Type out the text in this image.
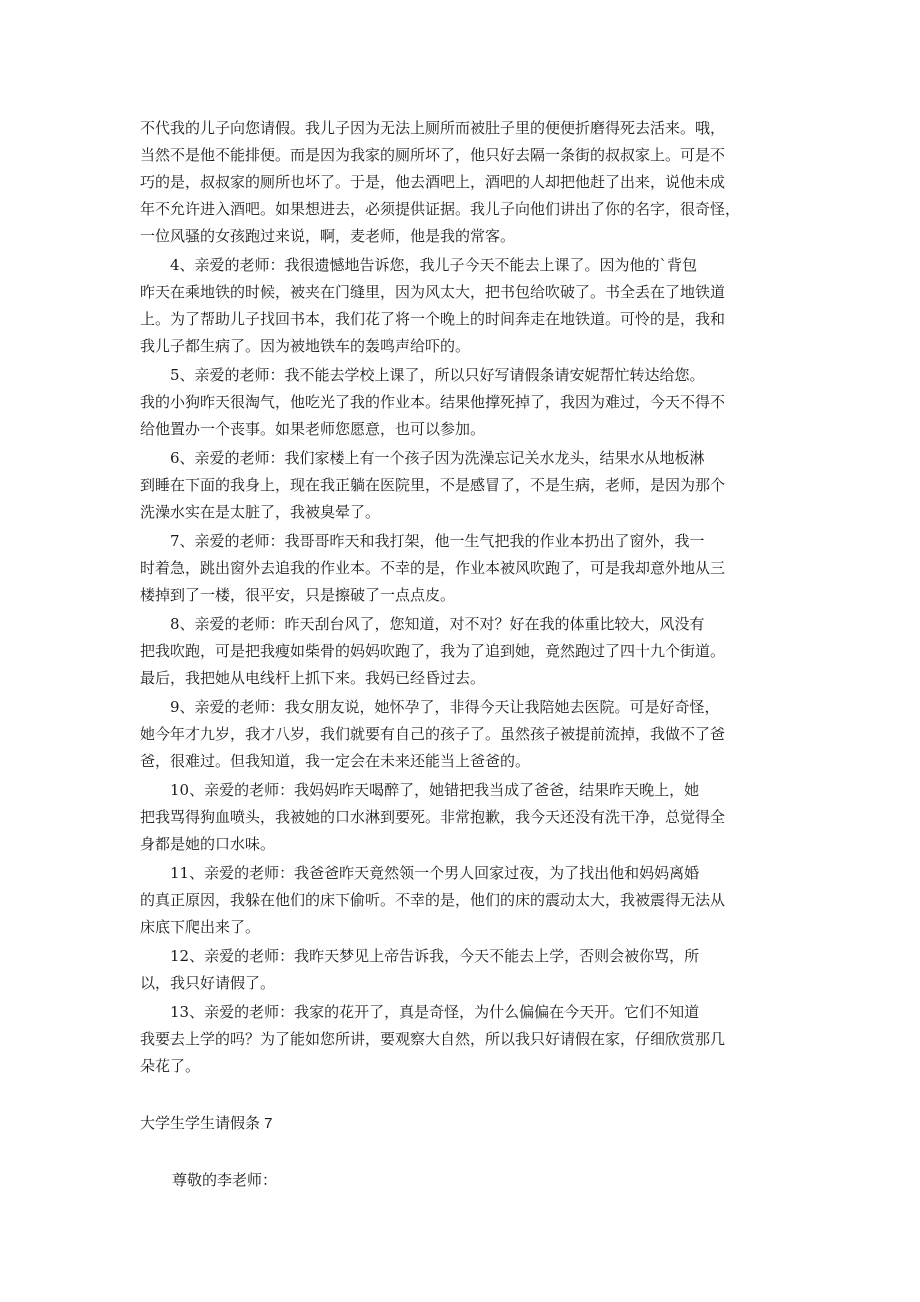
不代我的儿子向您请假。我儿子因为无法上厕所而被肚子里的便便折磨得死去活来。哦，
当然不是他不能排便。而是因为我家的厕所坏了，他只好去隔一条街的叔叔家上。可是不
巧的是，叔叔家的厕所也坏了。于是，他去酒吧上，酒吧的人却把他赶了出来，说他未成
年不允许进入酒吧。如果想进去，必须提供证据。我儿子向他们讲出了你的名字，很奇怪，
一位风骚的女孩跑过来说，啊，麦老师，他是我的常客。
　　4、亲爱的老师：我很遗憾地告诉您，我儿子今天不能去上课了。因为他的`背包
昨天在乘地铁的时候，被夹在门缝里，因为风太大，把书包给吹破了。书全丢在了地铁道
上。为了帮助儿子找回书本，我们花了将一个晚上的时间奔走在地铁道。可怜的是，我和
我儿子都生病了。因为被地铁车的轰鸣声给吓的。
　　5、亲爱的老师：我不能去学校上课了，所以只好写请假条请安妮帮忙转达给您。
我的小狗昨天很淘气，他吃光了我的作业本。结果他撑死掉了，我因为难过，今天不得不
给他置办一个丧事。如果老师您愿意，也可以参加。
　　6、亲爱的老师：我们家楼上有一个孩子因为洗澡忘记关水龙头，结果水从地板淋
到睡在下面的我身上，现在我正躺在医院里，不是感冒了，不是生病，老师，是因为那个
洗澡水实在是太脏了，我被臭晕了。
　　7、亲爱的老师：我哥哥昨天和我打架，他一生气把我的作业本扔出了窗外，我一
时着急，跳出窗外去追我的作业本。不幸的是，作业本被风吹跑了，可是我却意外地从三
楼掉到了一楼，很平安，只是擦破了一点点皮。
　　8、亲爱的老师：昨天刮台风了，您知道，对不对？好在我的体重比较大，风没有
把我吹跑，可是把我瘦如柴骨的妈妈吹跑了，我为了追到她，竟然跑过了四十九个街道。
最后，我把她从电线杆上抓下来。我妈已经昏过去。
　　9、亲爱的老师：我女朋友说，她怀孕了，非得今天让我陪她去医院。可是好奇怪，
她今年才九岁，我才八岁，我们就要有自己的孩子了。虽然孩子被提前流掉，我做不了爸
爸，很难过。但我知道，我一定会在未来还能当上爸爸的。
　　10、亲爱的老师：我妈妈昨天喝醉了，她错把我当成了爸爸，结果昨天晚上，她
把我骂得狗血喷头，我被她的口水淋到要死。非常抱歉，我今天还没有洗干净，总觉得全
身都是她的口水味。
　　11、亲爱的老师：我爸爸昨天竟然领一个男人回家过夜，为了找出他和妈妈离婚
的真正原因，我躲在他们的床下偷听。不幸的是，他们的床的震动太大，我被震得无法从
床底下爬出来了。
　　12、亲爱的老师：我昨天梦见上帝告诉我，今天不能去上学，否则会被你骂，所
以，我只好请假了。
　　13、亲爱的老师：我家的花开了，真是奇怪，为什么偏偏在今天开。它们不知道
我要去上学的吗？为了能如您所讲，要观察大自然，所以我只好请假在家，仔细欣赏那几
朵花了。
大学生学生请假条 7
尊敬的李老师：
